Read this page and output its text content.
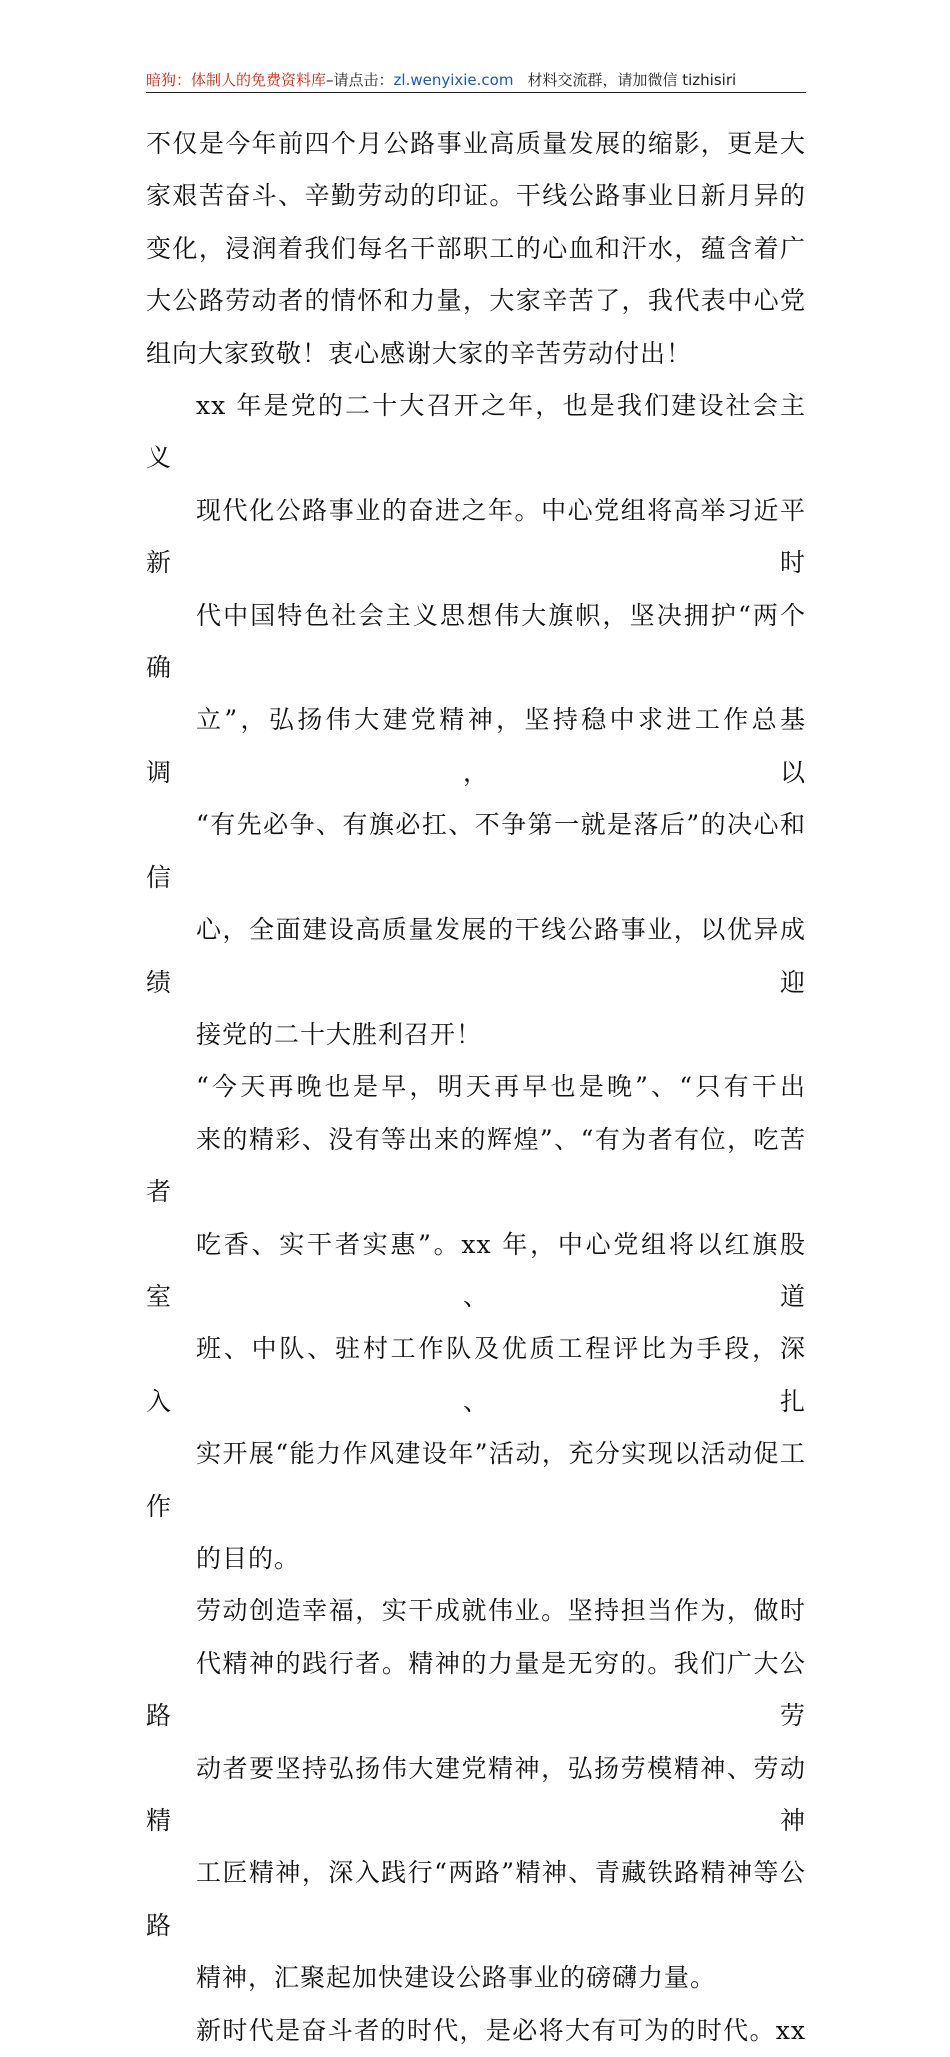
暗狗：体制人的免费资料库–请点击：zl.wenyixie.com 材料交流群，请加微信 tizhisiri

不仅是今年前四个月公路事业高质量发展的缩影，更是大
家艰苦奋斗、辛勤劳动的印证。干线公路事业日新月异的
变化，浸润着我们每名干部职工的心血和汗水，蕴含着广
大公路劳动者的情怀和力量，大家辛苦了，我代表中心党
组向大家致敬！衷心感谢大家的辛苦劳动付出！

xx 年是党的二十大召开之年，也是我们建设社会主义
现代化公路事业的奋进之年。中心党组将高举习近平新时
代中国特色社会主义思想伟大旗帜，坚决拥护“两个确
立”，弘扬伟大建党精神，坚持稳中求进工作总基调，以
“有先必争、有旗必扛、不争第一就是落后”的决心和信
心，全面建设高质量发展的干线公路事业，以优异成绩迎
接党的二十大胜利召开！

“今天再晚也是早，明天再早也是晚”、“只有干出
来的精彩、没有等出来的辉煌”、“有为者有位，吃苦者
吃香、实干者实惠”。xx 年，中心党组将以红旗股室、道
班、中队、驻村工作队及优质工程评比为手段，深入、扎
实开展“能力作风建设年”活动，充分实现以活动促工作
的目的。

劳动创造幸福，实干成就伟业。坚持担当作为，做时
代精神的践行者。精神的力量是无穷的。我们广大公路劳
动者要坚持弘扬伟大建党精神，弘扬劳模精神、劳动精神
工匠精神，深入践行“两路”精神、青藏铁路精神等公路
精神，汇聚起加快建设公路事业的磅礴力量。

新时代是奋斗者的时代，是必将大有可为的时代。xx
